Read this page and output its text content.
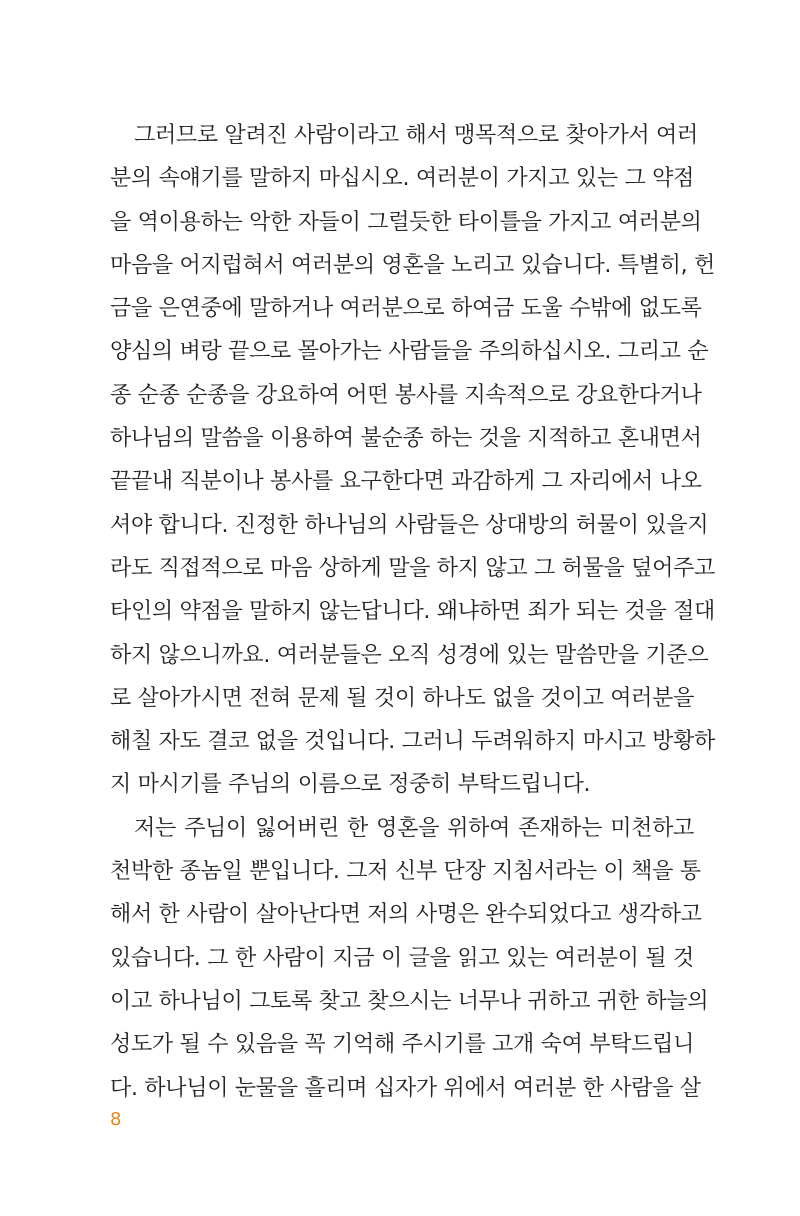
그러므로 알려진 사람이라고 해서 맹목적으로 찾아가서 여러
분의 속얘기를 말하지 마십시오. 여러분이 가지고 있는 그 약점
을 역이용하는 악한 자들이 그럴듯한 타이틀을 가지고 여러분의
마음을 어지럽혀서 여러분의 영혼을 노리고 있습니다. 특별히, 헌
금을 은연중에 말하거나 여러분으로 하여금 도울 수밖에 없도록
양심의 벼랑 끝으로 몰아가는 사람들을 주의하십시오. 그리고 순
종 순종 순종을 강요하여 어떤 봉사를 지속적으로 강요한다거나
하나님의 말씀을 이용하여 불순종 하는 것을 지적하고 혼내면서
끝끝내 직분이나 봉사를 요구한다면 과감하게 그 자리에서 나오
셔야 합니다. 진정한 하나님의 사람들은 상대방의 허물이 있을지
라도 직접적으로 마음 상하게 말을 하지 않고 그 허물을 덮어주고
타인의 약점을 말하지 않는답니다. 왜냐하면 죄가 되는 것을 절대
하지 않으니까요. 여러분들은 오직 성경에 있는 말씀만을 기준으
로 살아가시면 전혀 문제 될 것이 하나도 없을 것이고 여러분을
해칠 자도 결코 없을 것입니다. 그러니 두려워하지 마시고 방황하
지 마시기를 주님의 이름으로 정중히 부탁드립니다.
저는 주님이 잃어버린 한 영혼을 위하여 존재하는 미천하고
천박한 종놈일 뿐입니다. 그저 신부 단장 지침서라는 이 책을 통
해서 한 사람이 살아난다면 저의 사명은 완수되었다고 생각하고
있습니다. 그 한 사람이 지금 이 글을 읽고 있는 여러분이 될 것
이고 하나님이 그토록 찾고 찾으시는 너무나 귀하고 귀한 하늘의
성도가 될 수 있음을 꼭 기억해 주시기를 고개 숙여 부탁드립니
다. 하나님이 눈물을 흘리며 십자가 위에서 여러분 한 사람을 살
8
